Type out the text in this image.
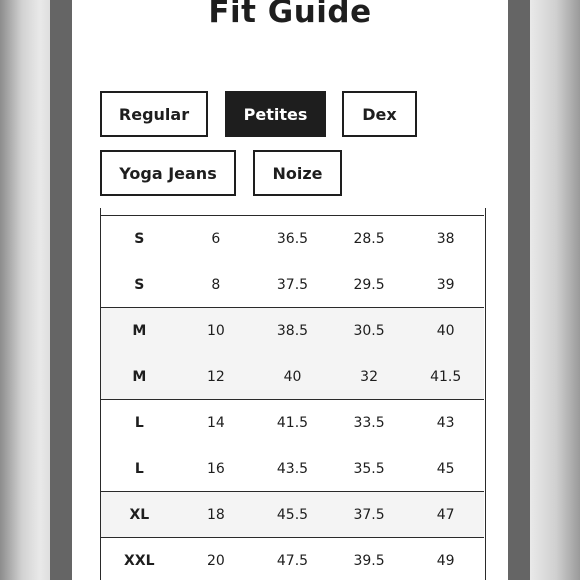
Fit Guide
Regular	Petites	Dex
Yoga Jeans	Noize
S	6	36.5	28.5	38
S	8	37.5	29.5	39
M	10	38.5	30.5	40
M	12	40	32	41.5
L	14	41.5	33.5	43
L	16	43.5	35.5	45
XL	18	45.5	37.5	47
XXL	20	47.5	39.5	49
